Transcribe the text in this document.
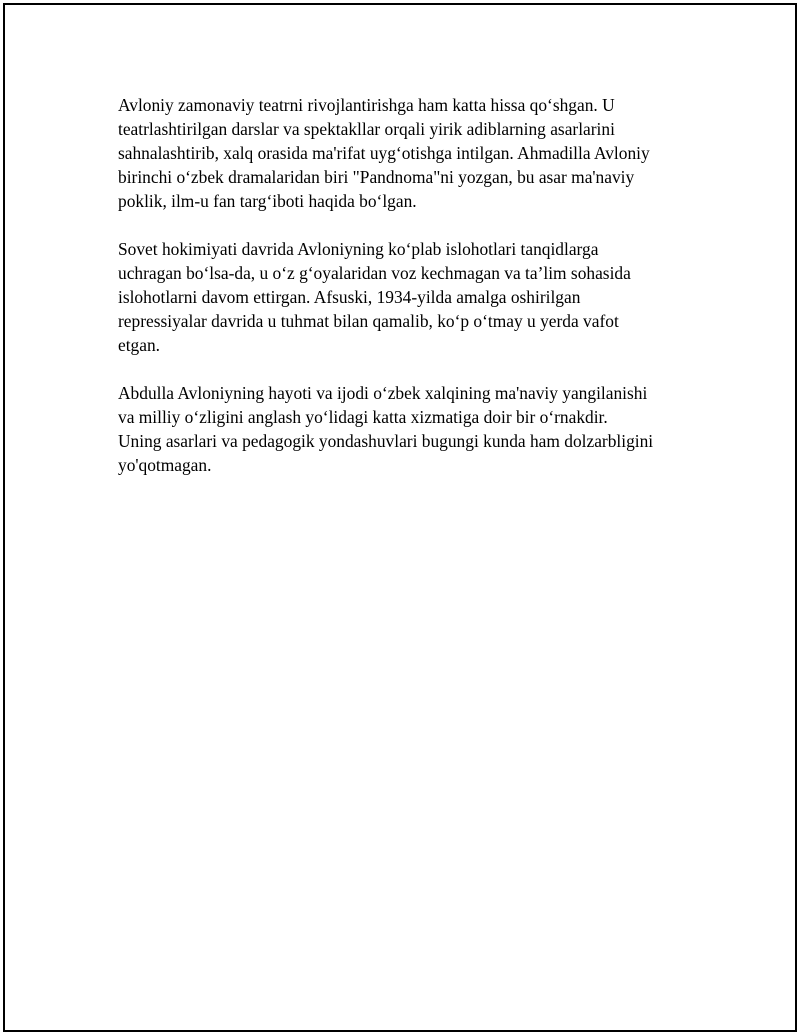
Avloniy zamonaviy teatrni rivojlantirishga ham katta hissa qo‘shgan. U
teatrlashtirilgan darslar va spektakllar orqali yirik adiblarning asarlarini
sahnalashtirib, xalq orasida ma'rifat uyg‘otishga intilgan. Ahmadilla Avloniy
birinchi o‘zbek dramalaridan biri "Pandnoma"ni yozgan, bu asar ma'naviy
poklik, ilm-u fan targ‘iboti haqida bo‘lgan.

Sovet hokimiyati davrida Avloniyning ko‘plab islohotlari tanqidlarga
uchragan bo‘lsa-da, u o‘z g‘oyalaridan voz kechmagan va ta’lim sohasida
islohotlarni davom ettirgan. Afsuski, 1934-yilda amalga oshirilgan
repressiyalar davrida u tuhmat bilan qamalib, ko‘p o‘tmay u yerda vafot
etgan.

Abdulla Avloniyning hayoti va ijodi o‘zbek xalqining ma'naviy yangilanishi
va milliy o‘zligini anglash yo‘lidagi katta xizmatiga doir bir o‘rnakdir.
Uning asarlari va pedagogik yondashuvlari bugungi kunda ham dolzarbligini
yo'qotmagan.
